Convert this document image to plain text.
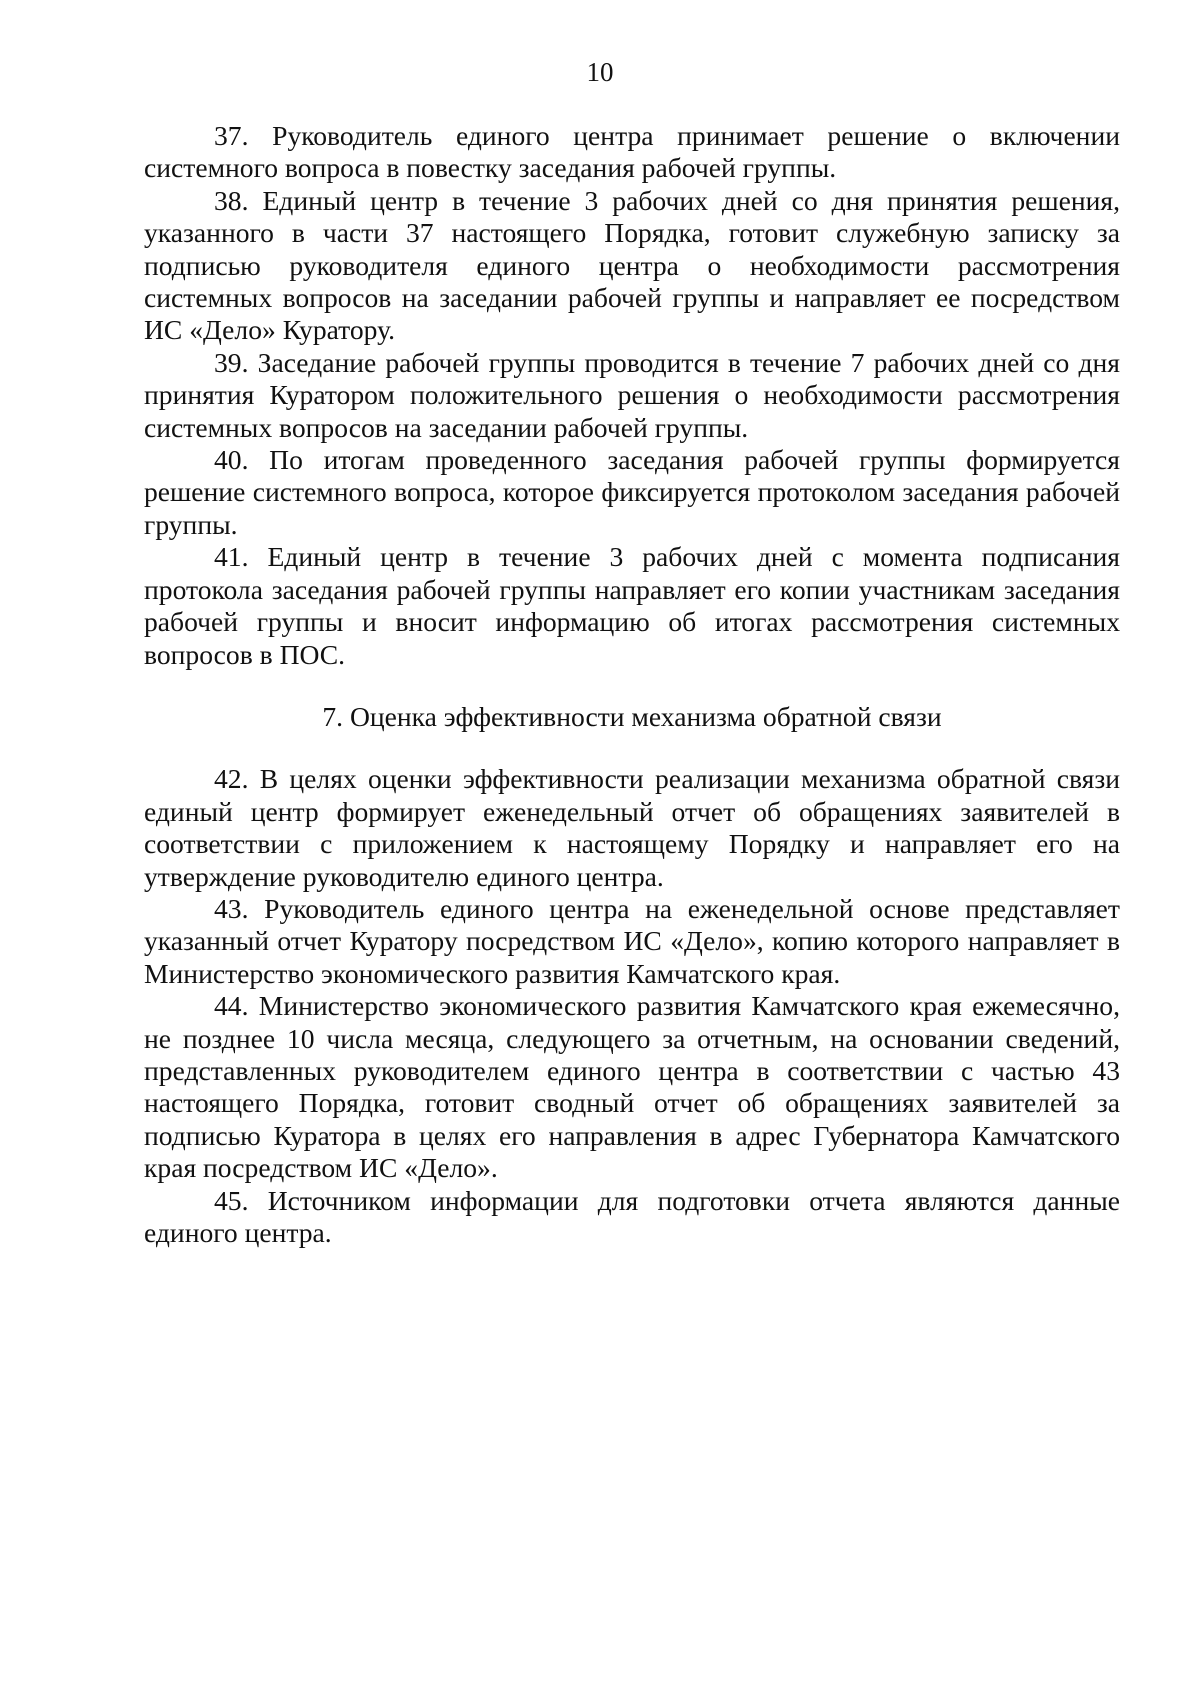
10

37. Руководитель единого центра принимает решение о включении системного вопроса в повестку заседания рабочей группы.

38. Единый центр в течение 3 рабочих дней со дня принятия решения, указанного в части 37 настоящего Порядка, готовит служебную записку за подписью руководителя единого центра о необходимости рассмотрения системных вопросов на заседании рабочей группы и направляет ее посредством ИС «Дело» Куратору.

39. Заседание рабочей группы проводится в течение 7 рабочих дней со дня принятия Куратором положительного решения о необходимости рассмотрения системных вопросов на заседании рабочей группы.

40. По итогам проведенного заседания рабочей группы формируется решение системного вопроса, которое фиксируется протоколом заседания рабочей группы.

41. Единый центр в течение 3 рабочих дней с момента подписания протокола заседания рабочей группы направляет его копии участникам заседания рабочей группы и вносит информацию об итогах рассмотрения системных вопросов в ПОС.

7. Оценка эффективности механизма обратной связи

42. В целях оценки эффективности реализации механизма обратной связи единый центр формирует еженедельный отчет об обращениях заявителей в соответствии с приложением к настоящему Порядку и направляет его на утверждение руководителю единого центра.

43. Руководитель единого центра на еженедельной основе представляет указанный отчет Куратору посредством ИС «Дело», копию которого направляет в Министерство экономического развития Камчатского края.

44. Министерство экономического развития Камчатского края ежемесячно, не позднее 10 числа месяца, следующего за отчетным, на основании сведений, представленных руководителем единого центра в соответствии с частью 43 настоящего Порядка, готовит сводный отчет об обращениях заявителей за подписью Куратора в целях его направления в адрес Губернатора Камчатского края посредством ИС «Дело».

45. Источником информации для подготовки отчета являются данные единого центра.
